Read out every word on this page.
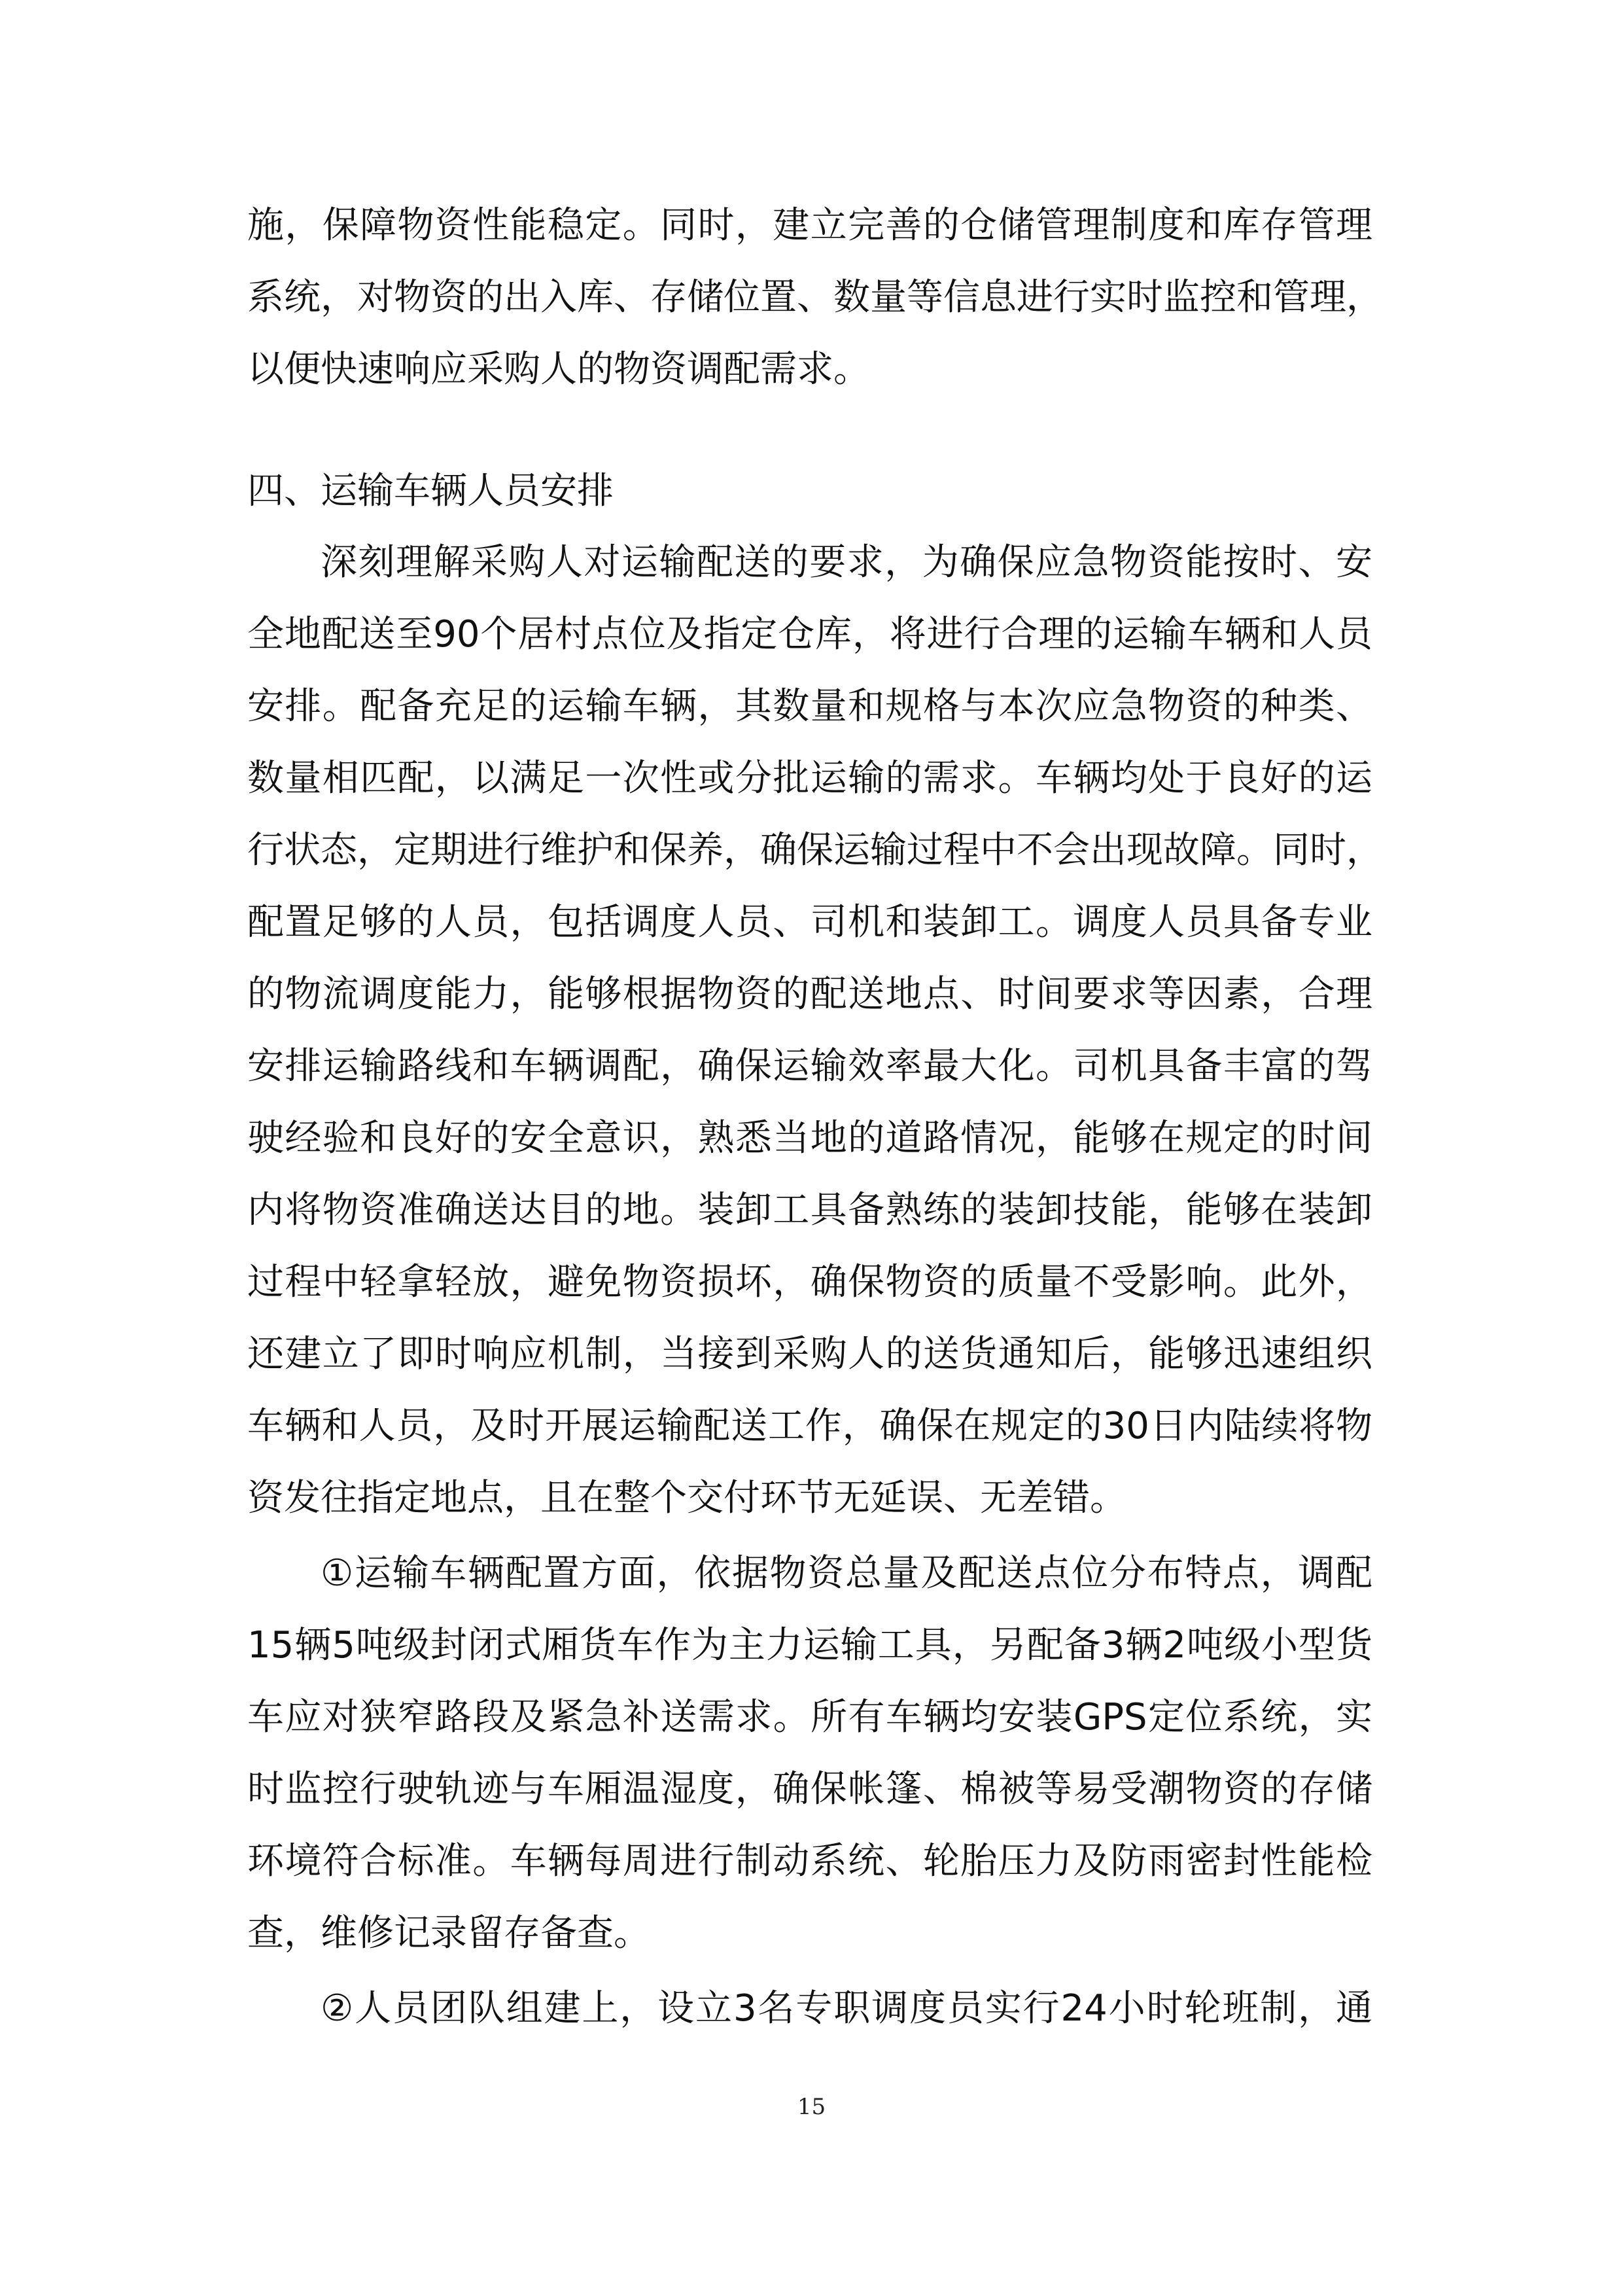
施，保障物资性能稳定。同时，建立完善的仓储管理制度和库存管理

系统，对物资的出入库、存储位置、数量等信息进行实时监控和管理，

以便快速响应采购人的物资调配需求。

四、运输车辆人员安排

深刻理解采购人对运输配送的要求，为确保应急物资能按时、安

全地配送至90个居村点位及指定仓库，将进行合理的运输车辆和人员

安排。配备充足的运输车辆，其数量和规格与本次应急物资的种类、

数量相匹配，以满足一次性或分批运输的需求。车辆均处于良好的运

行状态，定期进行维护和保养，确保运输过程中不会出现故障。同时，

配置足够的人员，包括调度人员、司机和装卸工。调度人员具备专业

的物流调度能力，能够根据物资的配送地点、时间要求等因素，合理

安排运输路线和车辆调配，确保运输效率最大化。司机具备丰富的驾

驶经验和良好的安全意识，熟悉当地的道路情况，能够在规定的时间

内将物资准确送达目的地。装卸工具备熟练的装卸技能，能够在装卸

过程中轻拿轻放，避免物资损坏，确保物资的质量不受影响。此外，

还建立了即时响应机制，当接到采购人的送货通知后，能够迅速组织

车辆和人员，及时开展运输配送工作，确保在规定的30日内陆续将物

资发往指定地点，且在整个交付环节无延误、无差错。

①运输车辆配置方面，依据物资总量及配送点位分布特点，调配

15辆5吨级封闭式厢货车作为主力运输工具，另配备3辆2吨级小型货

车应对狭窄路段及紧急补送需求。所有车辆均安装GPS定位系统，实

时监控行驶轨迹与车厢温湿度，确保帐篷、棉被等易受潮物资的存储

环境符合标准。车辆每周进行制动系统、轮胎压力及防雨密封性能检

查，维修记录留存备查。

②人员团队组建上，设立3名专职调度员实行24小时轮班制，通

15
